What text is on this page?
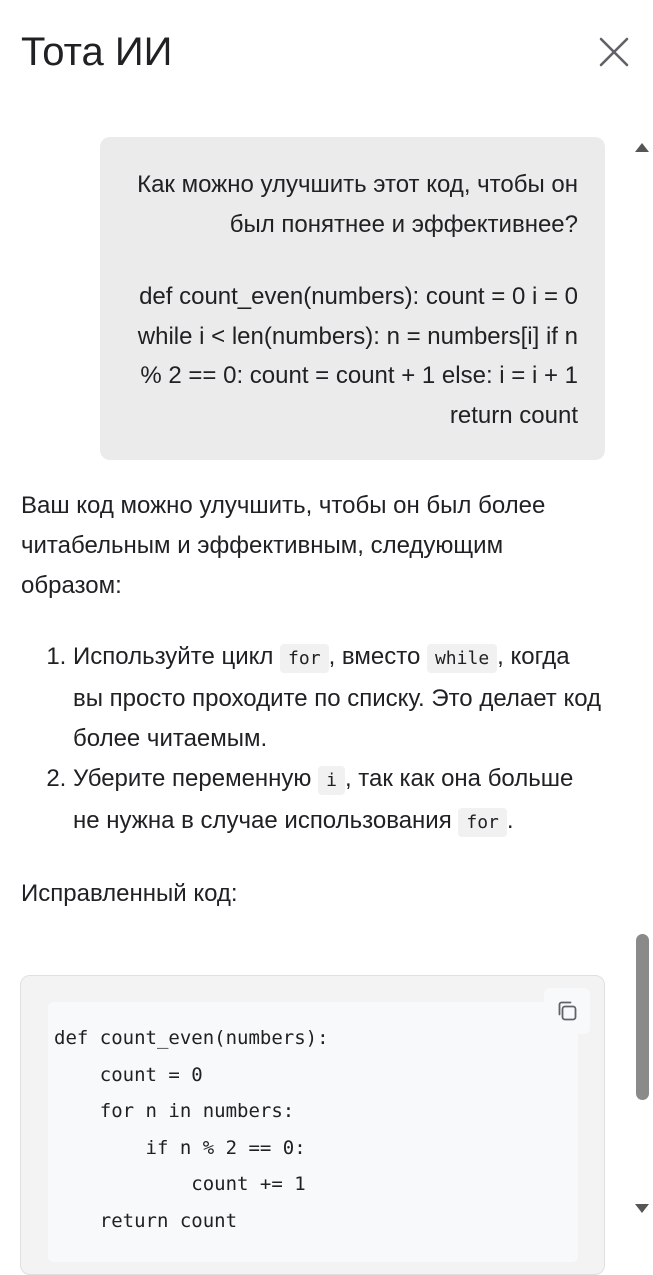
Тота ИИ

Как можно улучшить этот код, чтобы он был понятнее и эффективнее?

def count_even(numbers): count = 0 i = 0 while i < len(numbers): n = numbers[i] if n % 2 == 0: count = count + 1 else: i = i + 1 return count

Ваш код можно улучшить, чтобы он был более читабельным и эффективным, следующим образом:

1. Используйте цикл for , вместо while , когда вы просто проходите по списку. Это делает код более читаемым.
2. Уберите переменную i , так как она больше не нужна в случае использования for .

Исправленный код:

def count_even(numbers):
count = 0
for n in numbers:
if n % 2 == 0:
count += 1
return count
